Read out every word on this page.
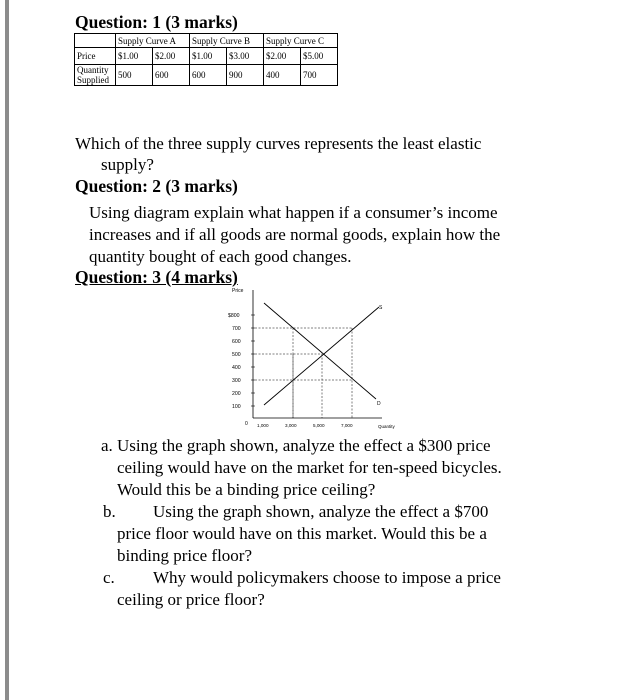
Question: 1 (3 marks)
	Supply Curve A		Supply Curve B		Supply Curve C	
Price	$1.00	$2.00	$1.00	$3.00	$2.00	$5.00
Quantity
Supplied	500	600	600	900	400	700
Which of the three supply curves represents the least elastic
supply?
Question: 2 (3 marks)
Using diagram explain what happen if a consumer’s income
increases and if all goods are normal goods, explain how the
quantity bought of each good changes.
Question: 3 (4 marks)
Price
Quantity
0
$800
700
600
500
400
300
200
100
1,000	3,000	5,000	7,000
S
D
a. Using the graph shown, analyze the effect a $300 price
ceiling would have on the market for ten-speed bicycles.
Would this be a binding price ceiling?
b. Using the graph shown, analyze the effect a $700
price floor would have on this market. Would this be a
binding price floor?
c. Why would policymakers choose to impose a price
ceiling or price floor?
